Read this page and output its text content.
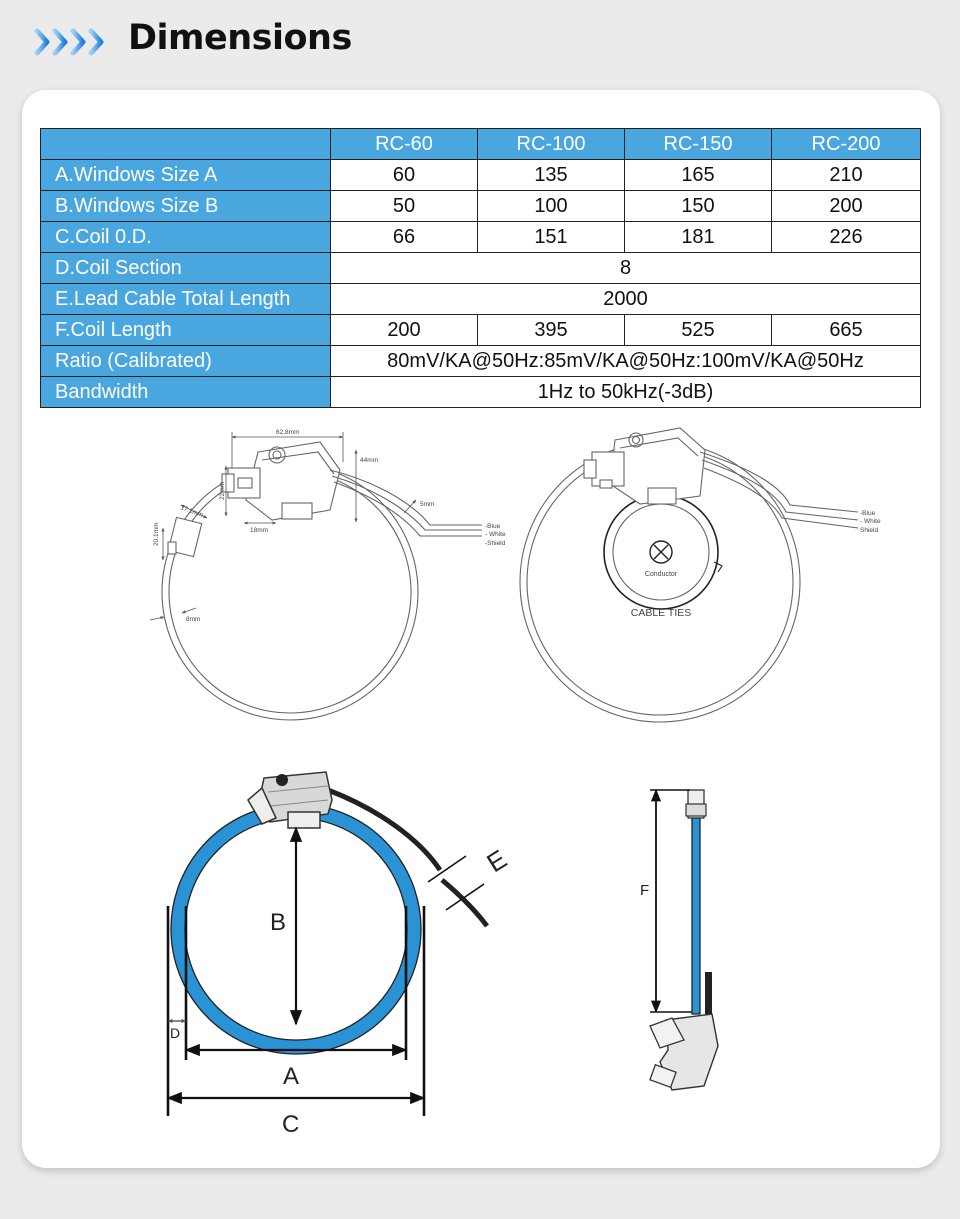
Dimensions
	RC-60	RC-100	RC-150	RC-200
A.Windows Size A	60	135	165	210
B.Windows Size B	50	100	150	200
C.Coil 0.D.	66	151	181	226
D.Coil Section	8			
E.Lead Cable Total Length	2000			
F.Coil Length	200	395	525	665
Ratio (Calibrated)	80mV/KA@50Hz:85mV/KA@50Hz:100mV/KA@50Hz			
Bandwidth	1Hz to 50kHz(-3dB)			
62.8mm
22mm
18mm
44mm
5mm
17.1mm
20.1mm
8mm
-Blue
- White
-Shield
Conductor
CABLE TIES
-Blue
- White
Shield
B
A
C
D
E
F
